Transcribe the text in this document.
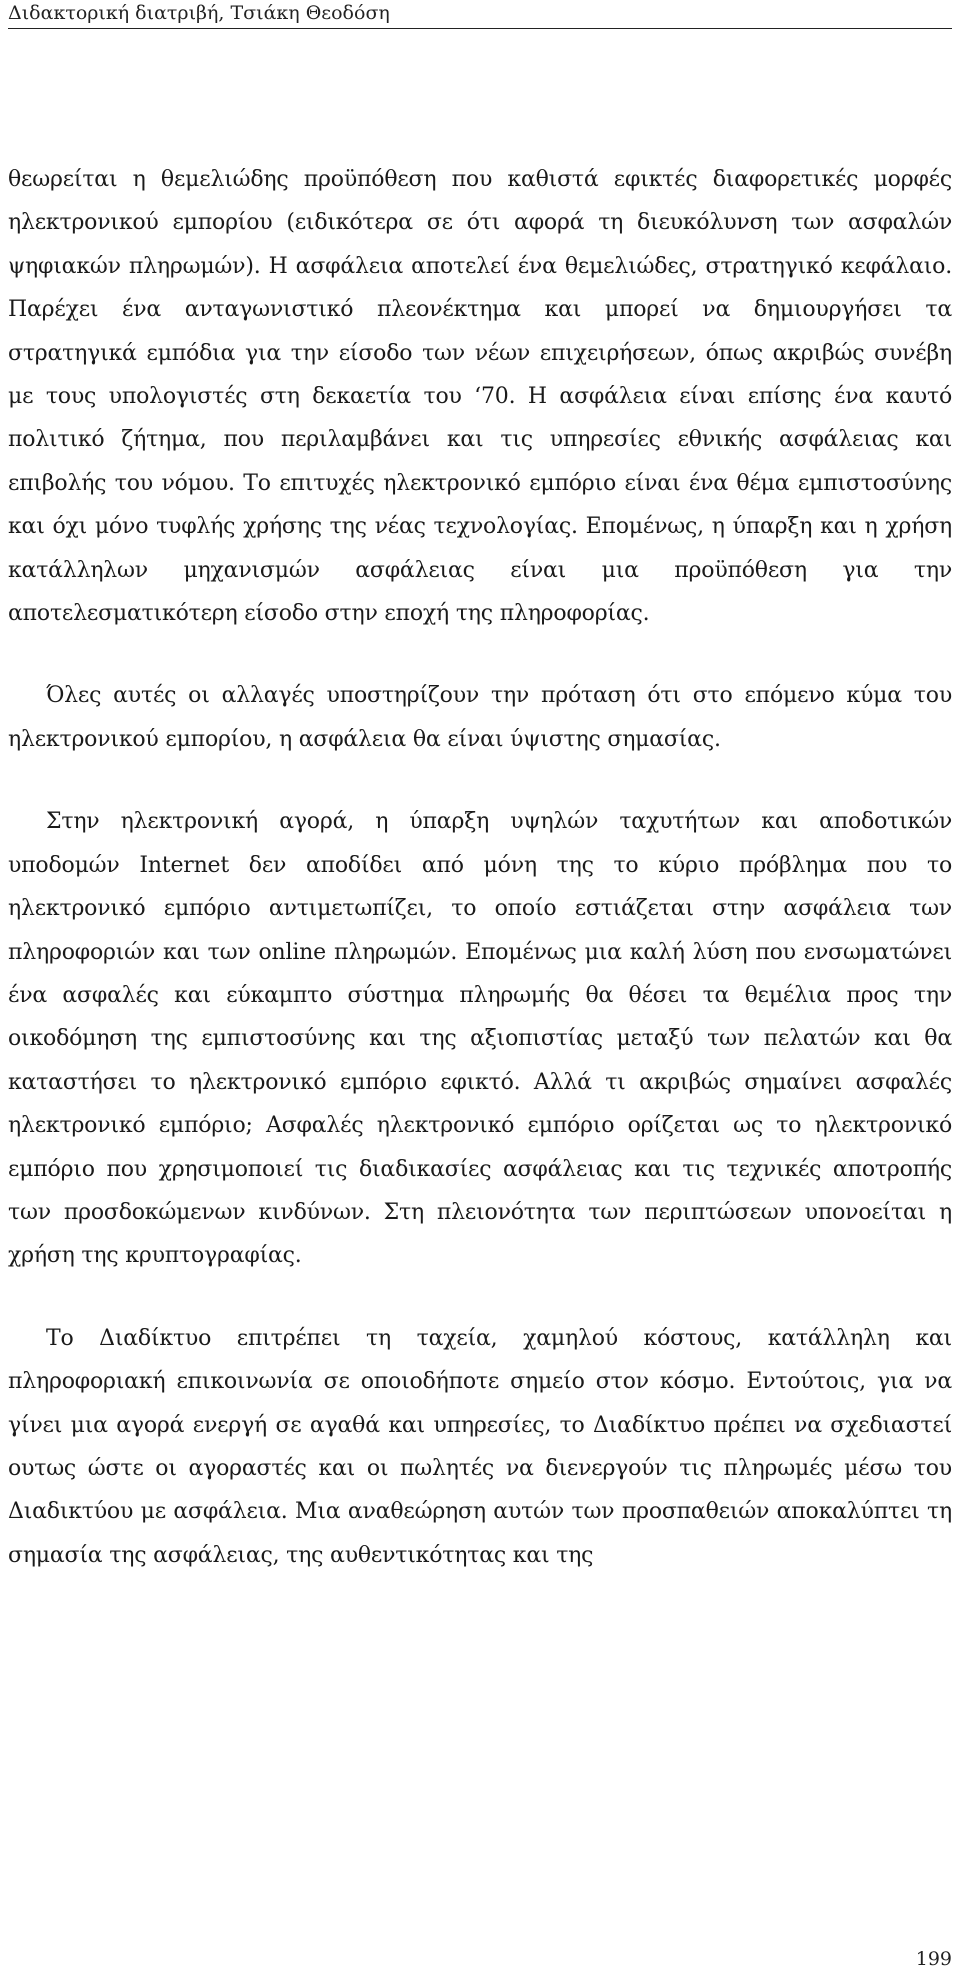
Διδακτορική διατριβή, Τσιάκη Θεοδόση

θεωρείται η θεμελιώδης προϋπόθεση που καθιστά εφικτές διαφορετικές μορφές ηλεκτρονικού εμπορίου (ειδικότερα σε ότι αφορά τη διευκόλυνση των ασφαλών ψηφιακών πληρωμών). Η ασφάλεια αποτελεί ένα θεμελιώδες, στρατηγικό κεφάλαιο. Παρέχει ένα ανταγωνιστικό πλεονέκτημα και μπορεί να δημιουργήσει τα στρατηγικά εμπόδια για την είσοδο των νέων επιχειρήσεων, όπως ακριβώς συνέβη με τους υπολογιστές στη δεκαετία του ‘70. Η ασφάλεια είναι επίσης ένα καυτό πολιτικό ζήτημα, που περιλαμβάνει και τις υπηρεσίες εθνικής ασφάλειας και επιβολής του νόμου. Το επιτυχές ηλεκτρονικό εμπόριο είναι ένα θέμα εμπιστοσύνης και όχι μόνο τυφλής χρήσης της νέας τεχνολογίας. Επομένως, η ύπαρξη και η χρήση κατάλληλων μηχανισμών ασφάλειας είναι μια προϋπόθεση για την αποτελεσματικότερη είσοδο στην εποχή της πληροφορίας.

Όλες αυτές οι αλλαγές υποστηρίζουν την πρόταση ότι στο επόμενο κύμα του ηλεκτρονικού εμπορίου, η ασφάλεια θα είναι ύψιστης σημασίας.

Στην ηλεκτρονική αγορά, η ύπαρξη υψηλών ταχυτήτων και αποδοτικών υποδομών Internet δεν αποδίδει από μόνη της το κύριο πρόβλημα που το ηλεκτρονικό εμπόριο αντιμετωπίζει, το οποίο εστιάζεται στην ασφάλεια των πληροφοριών και των online πληρωμών. Επομένως μια καλή λύση που ενσωματώνει ένα ασφαλές και εύκαμπτο σύστημα πληρωμής θα θέσει τα θεμέλια προς την οικοδόμηση της εμπιστοσύνης και της αξιοπιστίας μεταξύ των πελατών και θα καταστήσει το ηλεκτρονικό εμπόριο εφικτό. Αλλά τι ακριβώς σημαίνει ασφαλές ηλεκτρονικό εμπόριο; Ασφαλές ηλεκτρονικό εμπόριο ορίζεται ως το ηλεκτρονικό εμπόριο που χρησιμοποιεί τις διαδικασίες ασφάλειας και τις τεχνικές αποτροπής των προσδοκώμενων κινδύνων. Στη πλειονότητα των περιπτώσεων υπονοείται η χρήση της κρυπτογραφίας.

Το Διαδίκτυο επιτρέπει τη ταχεία, χαμηλού κόστους, κατάλληλη και πληροφοριακή επικοινωνία σε οποιοδήποτε σημείο στον κόσμο. Εντούτοις, για να γίνει μια αγορά ενεργή σε αγαθά και υπηρεσίες, το Διαδίκτυο πρέπει να σχεδιαστεί ουτως ώστε οι αγοραστές και οι πωλητές να διενεργούν τις πληρωμές μέσω του Διαδικτύου με ασφάλεια. Μια αναθεώρηση αυτών των προσπαθειών αποκαλύπτει τη σημασία της ασφάλειας, της αυθεντικότητας και της

199
